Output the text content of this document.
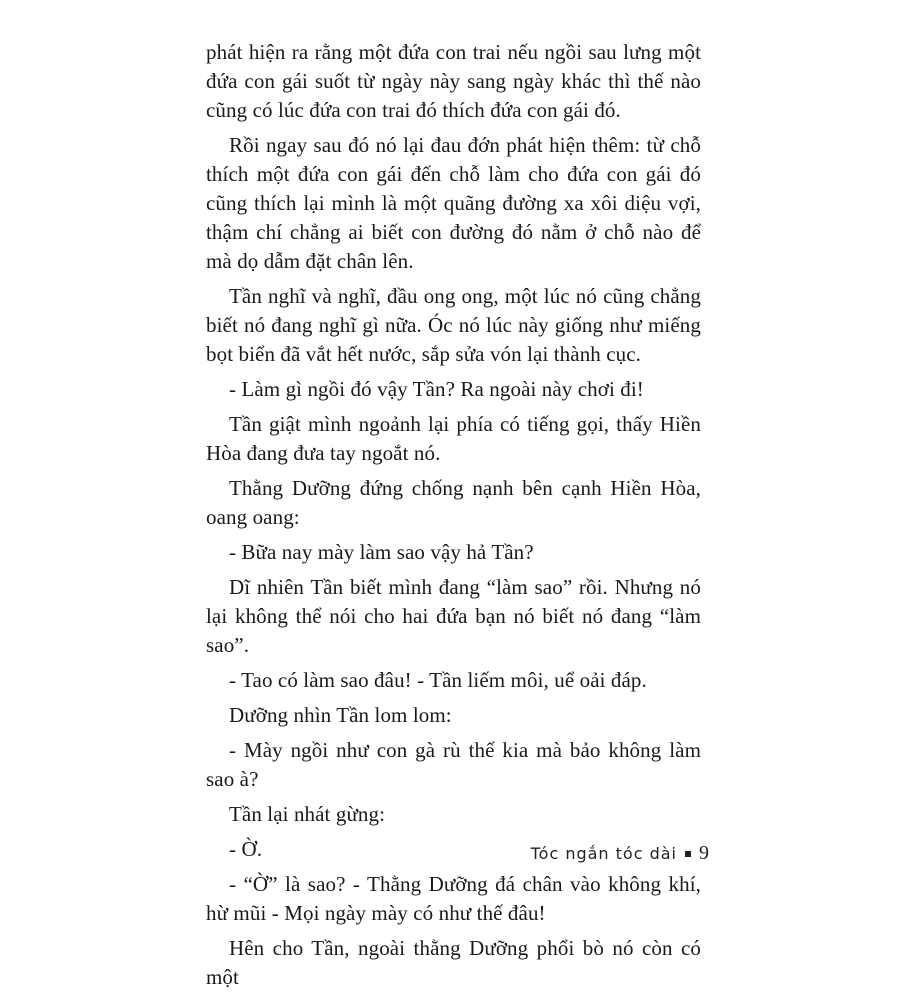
phát hiện ra rằng một đứa con trai nếu ngồi sau lưng một đứa con gái suốt từ ngày này sang ngày khác thì thế nào cũng có lúc đứa con trai đó thích đứa con gái đó.

Rồi ngay sau đó nó lại đau đớn phát hiện thêm: từ chỗ thích một đứa con gái đến chỗ làm cho đứa con gái đó cũng thích lại mình là một quãng đường xa xôi diệu vợi, thậm chí chẳng ai biết con đường đó nằm ở chỗ nào để mà dọ dẫm đặt chân lên.

Tần nghĩ và nghĩ, đầu ong ong, một lúc nó cũng chẳng biết nó đang nghĩ gì nữa. Óc nó lúc này giống như miếng bọt biển đã vắt hết nước, sắp sửa vón lại thành cục.

- Làm gì ngồi đó vậy Tần? Ra ngoài này chơi đi!

Tần giật mình ngoảnh lại phía có tiếng gọi, thấy Hiền Hòa đang đưa tay ngoắt nó.

Thằng Dưỡng đứng chống nạnh bên cạnh Hiền Hòa, oang oang:

- Bữa nay mày làm sao vậy hả Tần?

Dĩ nhiên Tần biết mình đang “làm sao” rồi. Nhưng nó lại không thể nói cho hai đứa bạn nó biết nó đang “làm sao”.

- Tao có làm sao đâu! - Tần liếm môi, uể oải đáp.

Dưỡng nhìn Tần lom lom:

- Mày ngồi như con gà rù thế kia mà bảo không làm sao à?

Tần lại nhát gừng:

- Ờ.

- “Ờ” là sao? - Thằng Dưỡng đá chân vào không khí, hừ mũi - Mọi ngày mày có như thế đâu!

Hên cho Tần, ngoài thằng Dưỡng phổi bò nó còn có một

Tóc ngắn tóc dài 9
